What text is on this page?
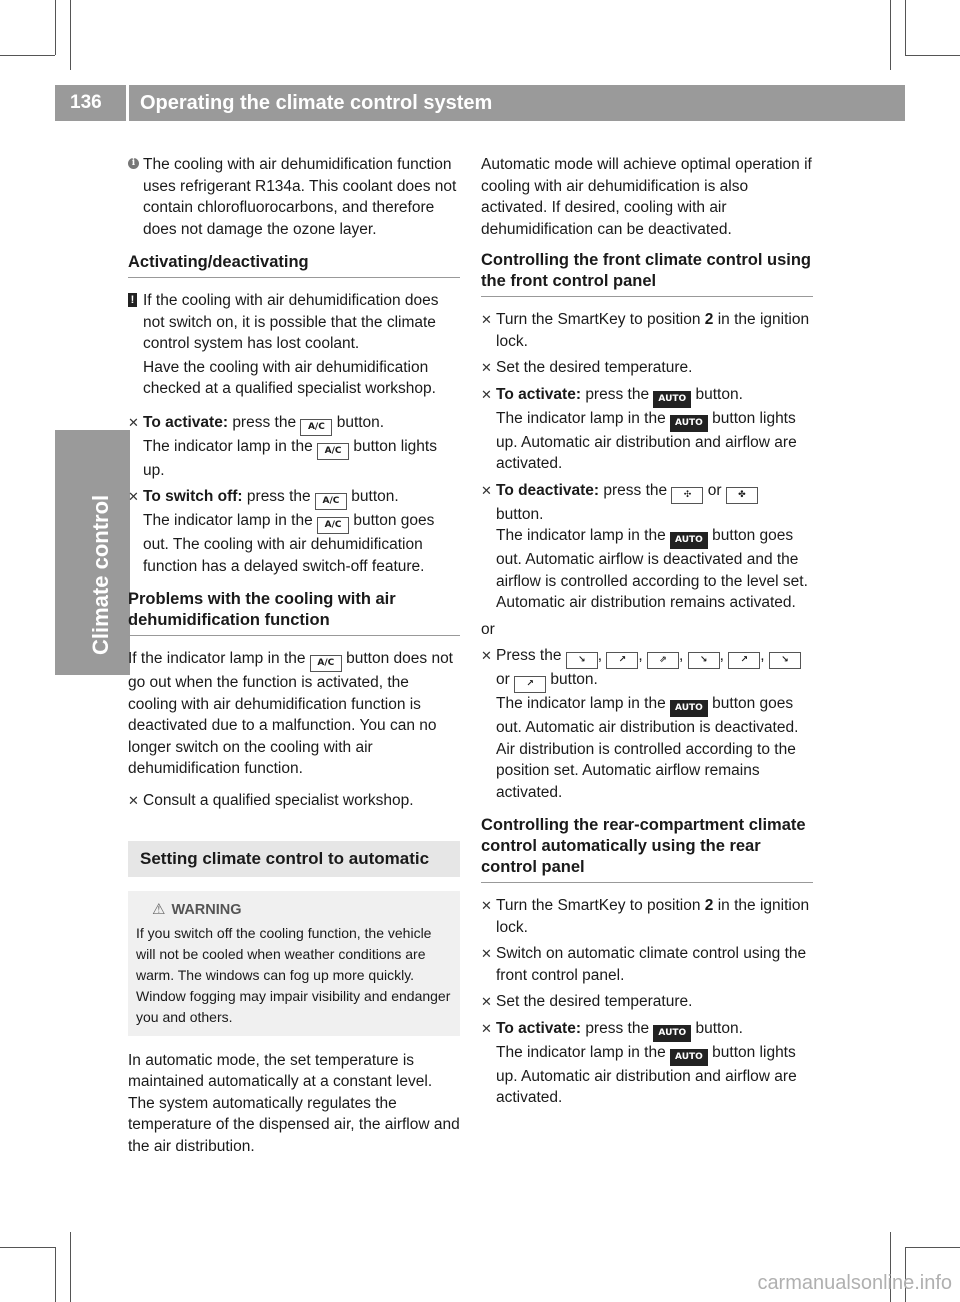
136	Operating the climate control system
Climate control
i The cooling with air dehumidification function uses refrigerant R134a. This coolant does not contain chlorofluorocarbons, and therefore does not damage the ozone layer.
Activating/deactivating
! If the cooling with air dehumidification does not switch on, it is possible that the climate control system has lost coolant.
Have the cooling with air dehumidification checked at a qualified specialist workshop.
✕ To activate: press the A/C button.
The indicator lamp in the A/C button lights up.
✕ To switch off: press the A/C button.
The indicator lamp in the A/C button goes out. The cooling with air dehumidification function has a delayed switch-off feature.
Problems with the cooling with air dehumidification function

If the indicator lamp in the A/C button does not go out when the function is activated, the cooling with air dehumidification function is deactivated due to a malfunction. You can no longer switch on the cooling with air dehumidification function.

✕ Consult a qualified specialist workshop.
Setting climate control to automatic
⚠ WARNING
If you switch off the cooling function, the vehicle will not be cooled when weather conditions are warm. The windows can fog up more quickly. Window fogging may impair visibility and endanger you and others.

In automatic mode, the set temperature is maintained automatically at a constant level. The system automatically regulates the temperature of the dispensed air, the airflow and the air distribution.

Automatic mode will achieve optimal operation if cooling with air dehumidification is also activated. If desired, cooling with air dehumidification can be deactivated.

Controlling the front climate control using the front control panel
✕ Turn the SmartKey to position 2 in the ignition lock.
✕ Set the desired temperature.
✕ To activate: press the AUTO button.
The indicator lamp in the AUTO button lights up. Automatic air distribution and airflow are activated.
✕ To deactivate: press the ✣ or ✤
button.
The indicator lamp in the AUTO button goes out. Automatic airflow is deactivated and the airflow is controlled according to the level set. Automatic air distribution remains activated.
or
✕ Press the ↘ , ↗ , ⇗ , ↘ , ↗ , ↘ or ↗ button.
The indicator lamp in the AUTO button goes out. Automatic air distribution is deactivated. Air distribution is controlled according to the position set. Automatic airflow remains activated.
Controlling the rear-compartment climate control automatically using the rear control panel
✕ Turn the SmartKey to position 2 in the ignition lock.
✕ Switch on automatic climate control using the front control panel.
✕ Set the desired temperature.
✕ To activate: press the AUTO button.
The indicator lamp in the AUTO button lights up. Automatic air distribution and airflow are activated.
carmanualsonline.info
